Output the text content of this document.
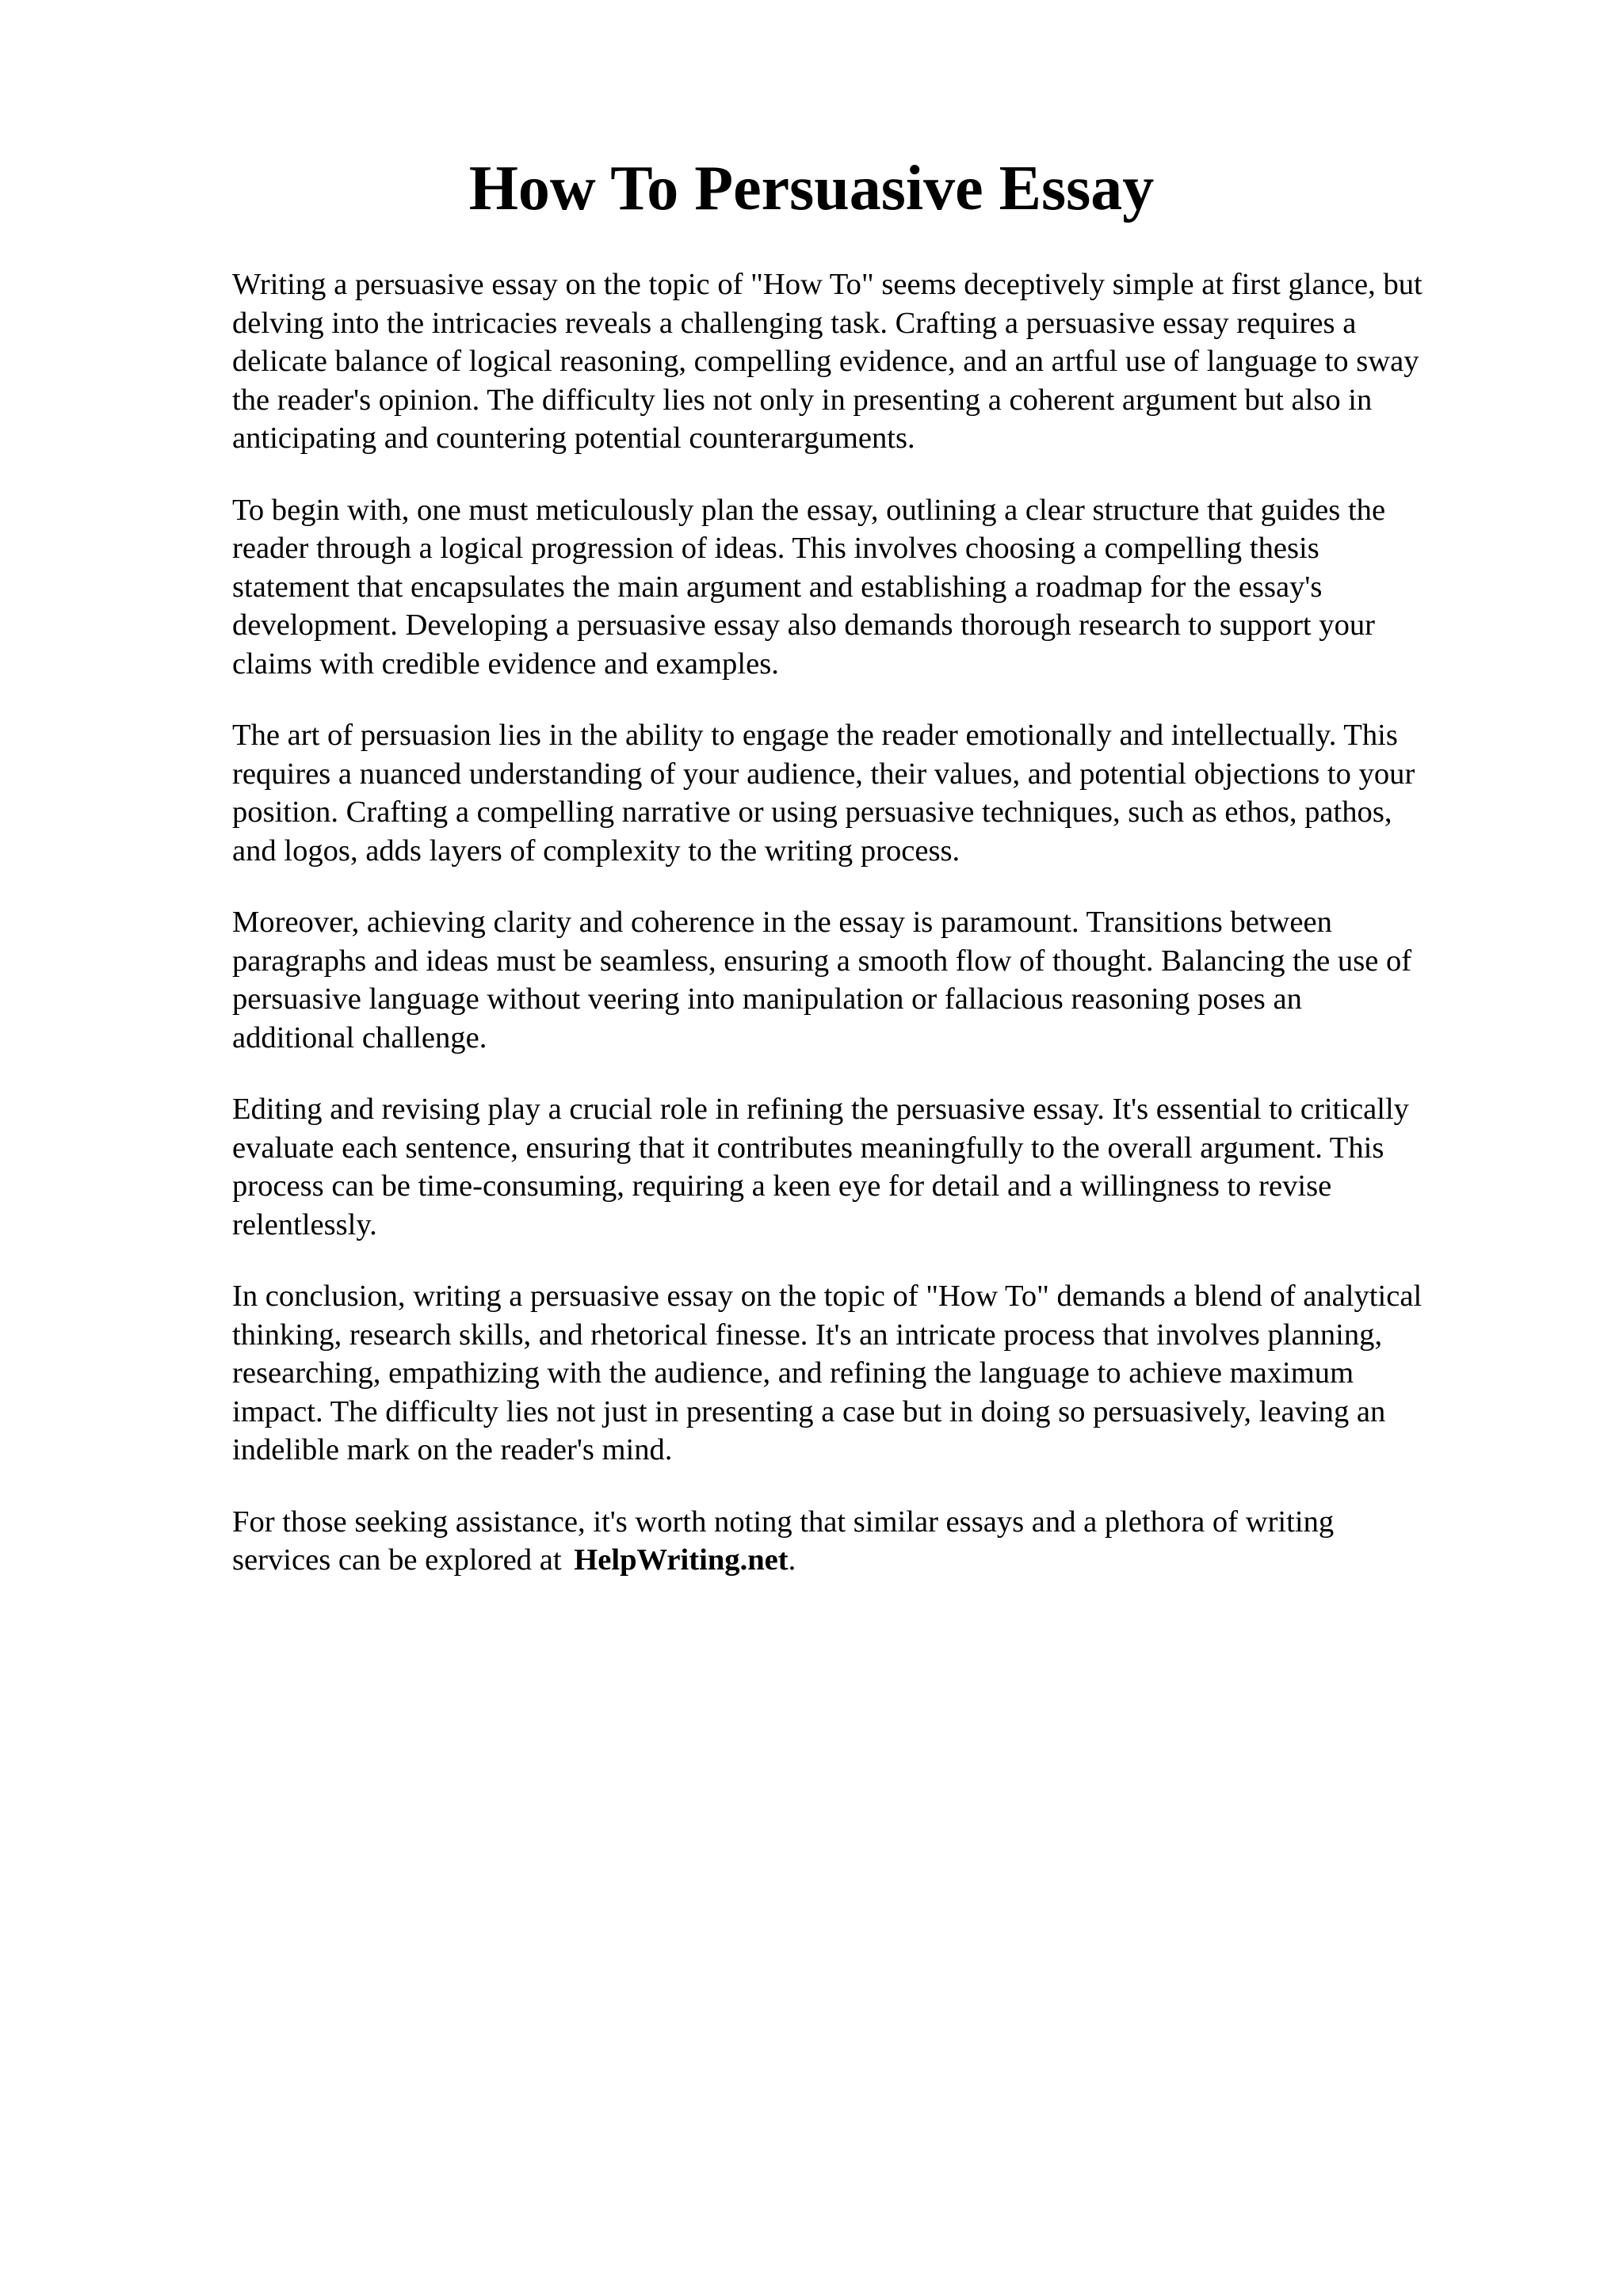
How To Persuasive Essay

Writing a persuasive essay on the topic of "How To" seems deceptively simple at first glance, but
delving into the intricacies reveals a challenging task. Crafting a persuasive essay requires a
delicate balance of logical reasoning, compelling evidence, and an artful use of language to sway
the reader's opinion. The difficulty lies not only in presenting a coherent argument but also in
anticipating and countering potential counterarguments.

To begin with, one must meticulously plan the essay, outlining a clear structure that guides the
reader through a logical progression of ideas. This involves choosing a compelling thesis
statement that encapsulates the main argument and establishing a roadmap for the essay's
development. Developing a persuasive essay also demands thorough research to support your
claims with credible evidence and examples.

The art of persuasion lies in the ability to engage the reader emotionally and intellectually. This
requires a nuanced understanding of your audience, their values, and potential objections to your
position. Crafting a compelling narrative or using persuasive techniques, such as ethos, pathos,
and logos, adds layers of complexity to the writing process.

Moreover, achieving clarity and coherence in the essay is paramount. Transitions between
paragraphs and ideas must be seamless, ensuring a smooth flow of thought. Balancing the use of
persuasive language without veering into manipulation or fallacious reasoning poses an
additional challenge.

Editing and revising play a crucial role in refining the persuasive essay. It's essential to critically
evaluate each sentence, ensuring that it contributes meaningfully to the overall argument. This
process can be time-consuming, requiring a keen eye for detail and a willingness to revise
relentlessly.

In conclusion, writing a persuasive essay on the topic of "How To" demands a blend of analytical
thinking, research skills, and rhetorical finesse. It's an intricate process that involves planning,
researching, empathizing with the audience, and refining the language to achieve maximum
impact. The difficulty lies not just in presenting a case but in doing so persuasively, leaving an
indelible mark on the reader's mind.

For those seeking assistance, it's worth noting that similar essays and a plethora of writing
services can be explored at HelpWriting.net.
